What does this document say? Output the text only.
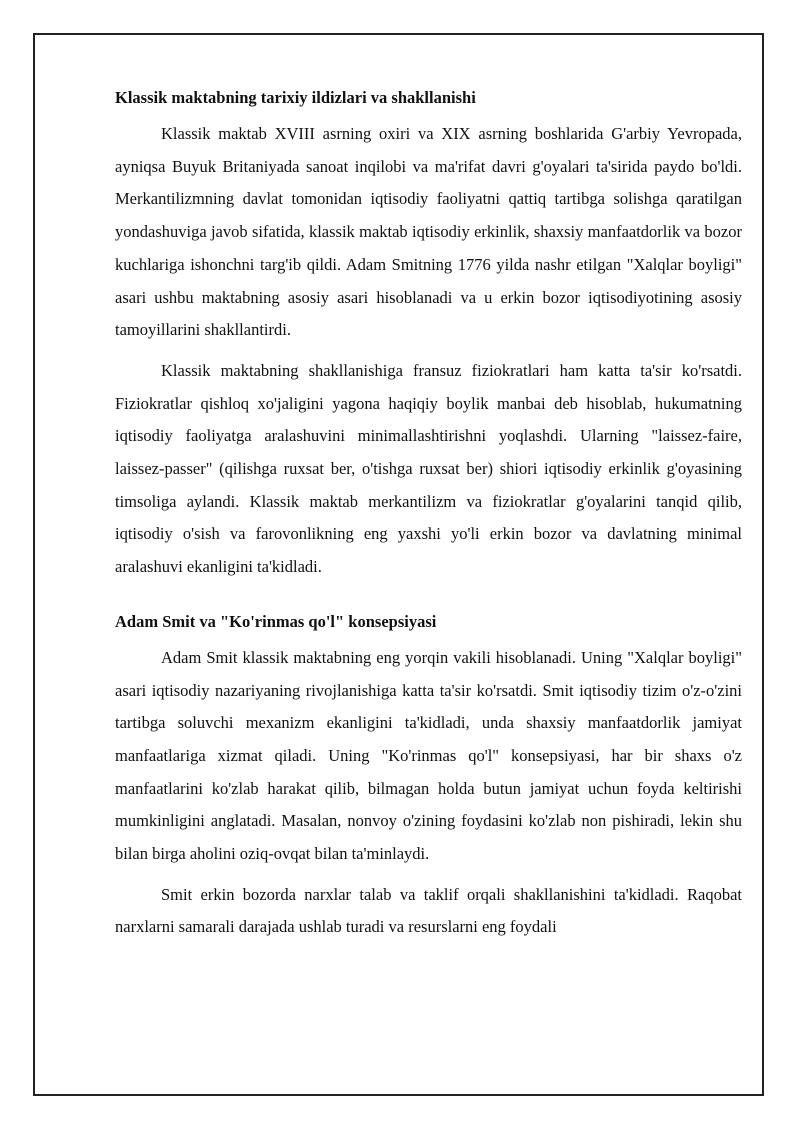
Klassik maktabning tarixiy ildizlari va shakllanishi

Klassik maktab XVIII asrning oxiri va XIX asrning boshlarida G'arbiy Yevropada, ayniqsa Buyuk Britaniyada sanoat inqilobi va ma'rifat davri g'oyalari ta'sirida paydo bo'ldi. Merkantilizmning davlat tomonidan iqtisodiy faoliyatni qattiq tartibga solishga qaratilgan yondashuviga javob sifatida, klassik maktab iqtisodiy erkinlik, shaxsiy manfaatdorlik va bozor kuchlariga ishonchni targ'ib qildi. Adam Smitning 1776 yilda nashr etilgan "Xalqlar boyligi" asari ushbu maktabning asosiy asari hisoblanadi va u erkin bozor iqtisodiyotining asosiy tamoyillarini shakllantirdi.

Klassik maktabning shakllanishiga fransuz fiziokratlari ham katta ta'sir ko'rsatdi. Fiziokratlar qishloq xo'jaligini yagona haqiqiy boylik manbai deb hisoblab, hukumatning iqtisodiy faoliyatga aralashuvini minimallashtirishni yoqlashdi. Ularning "laissez-faire, laissez-passer" (qilishga ruxsat ber, o'tishga ruxsat ber) shiori iqtisodiy erkinlik g'oyasining timsoliga aylandi. Klassik maktab merkantilizm va fiziokratlar g'oyalarini tanqid qilib, iqtisodiy o'sish va farovonlikning eng yaxshi yo'li erkin bozor va davlatning minimal aralashuvi ekanligini ta'kidladi.

Adam Smit va "Ko'rinmas qo'l" konsepsiyasi

Adam Smit klassik maktabning eng yorqin vakili hisoblanadi. Uning "Xalqlar boyligi" asari iqtisodiy nazariyaning rivojlanishiga katta ta'sir ko'rsatdi. Smit iqtisodiy tizim o'z-o'zini tartibga soluvchi mexanizm ekanligini ta'kidladi, unda shaxsiy manfaatdorlik jamiyat manfaatlariga xizmat qiladi. Uning "Ko'rinmas qo'l" konsepsiyasi, har bir shaxs o'z manfaatlarini ko'zlab harakat qilib, bilmagan holda butun jamiyat uchun foyda keltirishi mumkinligini anglatadi. Masalan, nonvoy o'zining foydasini ko'zlab non pishiradi, lekin shu bilan birga aholini oziq-ovqat bilan ta'minlaydi.

Smit erkin bozorda narxlar talab va taklif orqali shakllanishini ta'kidladi. Raqobat narxlarni samarali darajada ushlab turadi va resurslarni eng foydali
